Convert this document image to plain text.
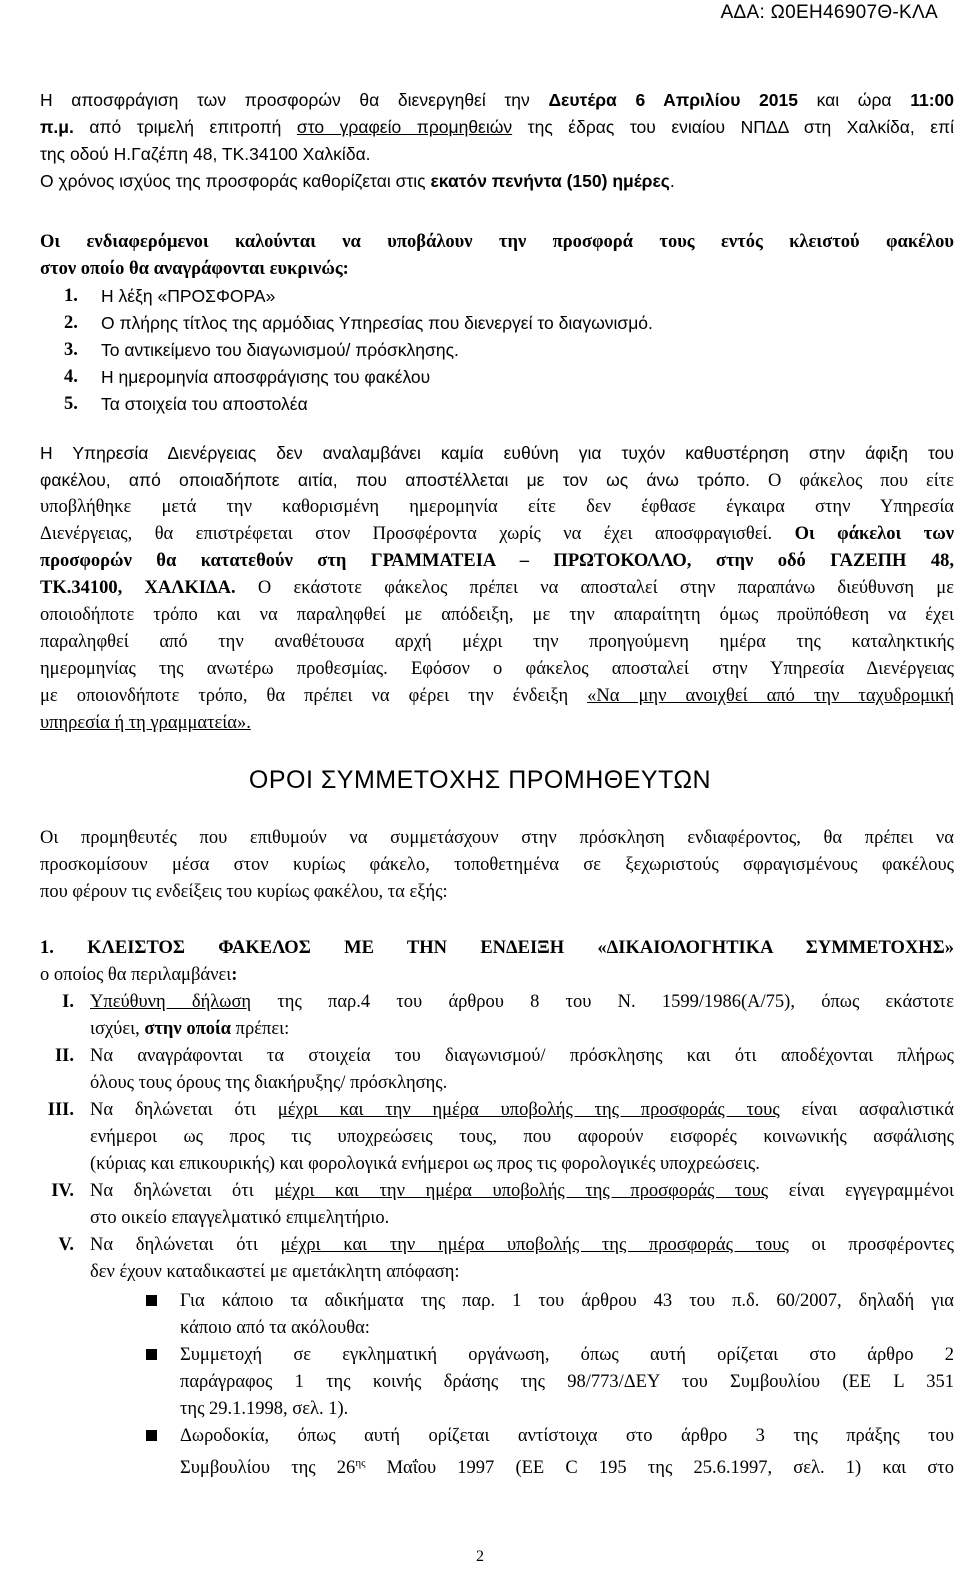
ΑΔΑ: Ω0ΕΗ46907Θ-ΚΛΑ
Η αποσφράγιση των προσφορών θα διενεργηθεί την Δευτέρα 6 Απριλίου 2015 και ώρα 11:00
π.μ. από τριμελή επιτροπή στο γραφείο προμηθειών της έδρας του ενιαίου ΝΠΔΔ στη Χαλκίδα, επί
της οδού Η.Γαζέπη 48, ΤΚ.34100 Χαλκίδα.
Ο χρόνος ισχύος της προσφοράς καθορίζεται στις εκατόν πενήντα (150) ημέρες.
Οι ενδιαφερόμενοι καλούνται να υποβάλουν την προσφορά τους εντός κλειστού φακέλου
στον οποίο θα αναγράφονται ευκρινώς:
1. Η λέξη «ΠΡΟΣΦΟΡΑ»
2. Ο πλήρης τίτλος της αρμόδιας Υπηρεσίας που διενεργεί το διαγωνισμό.
3. Το αντικείμενο του διαγωνισμού/ πρόσκλησης.
4. Η ημερομηνία αποσφράγισης του φακέλου
5. Τα στοιχεία του αποστολέα
Η Υπηρεσία Διενέργειας δεν αναλαμβάνει καμία ευθύνη για τυχόν καθυστέρηση στην άφιξη του
φακέλου, από οποιαδήποτε αιτία, που αποστέλλεται με τον ως άνω τρόπο. Ο φάκελος που είτε
υποβλήθηκε μετά την καθορισμένη ημερομηνία είτε δεν έφθασε έγκαιρα στην Υπηρεσία
Διενέργειας, θα επιστρέφεται στον Προσφέροντα χωρίς να έχει αποσφραγισθεί. Οι φάκελοι των
προσφορών θα κατατεθούν στη ΓΡΑΜΜΑΤΕΙΑ – ΠΡΩΤΟΚΟΛΛΟ, στην οδό ΓΑΖΕΠΗ 48,
ΤΚ.34100, ΧΑΛΚΙΔΑ. Ο εκάστοτε φάκελος πρέπει να αποσταλεί στην παραπάνω διεύθυνση με
οποιοδήποτε τρόπο και να παραληφθεί με απόδειξη, με την απαραίτητη όμως προϋπόθεση να έχει
παραληφθεί από την αναθέτουσα αρχή μέχρι την προηγούμενη ημέρα της καταληκτικής
ημερομηνίας της ανωτέρω προθεσμίας. Εφόσον ο φάκελος αποσταλεί στην Υπηρεσία Διενέργειας
με οποιονδήποτε τρόπο, θα πρέπει να φέρει την ένδειξη «Να μην ανοιχθεί από την ταχυδρομική
υπηρεσία ή τη γραμματεία».
ΟΡΟΙ ΣΥΜΜΕΤΟΧΗΣ ΠΡΟΜΗΘΕΥΤΩΝ
Οι προμηθευτές που επιθυμούν να συμμετάσχουν στην πρόσκληση ενδιαφέροντος, θα πρέπει να
προσκομίσουν μέσα στον κυρίως φάκελο, τοποθετημένα σε ξεχωριστούς σφραγισμένους φακέλους
που φέρουν τις ενδείξεις του κυρίως φακέλου, τα εξής:
1. ΚΛΕΙΣΤΟΣ ΦΑΚΕΛΟΣ ΜΕ ΤΗΝ ΕΝΔΕΙΞΗ «ΔΙΚΑΙΟΛΟΓΗΤΙΚΑ ΣΥΜΜΕΤΟΧΗΣ»
ο οποίος θα περιλαμβάνει:
I. Υπεύθυνη δήλωση της παρ.4 του άρθρου 8 του Ν. 1599/1986(Α/75), όπως εκάστοτε
ισχύει, στην οποία πρέπει:
II. Να αναγράφονται τα στοιχεία του διαγωνισμού/ πρόσκλησης και ότι αποδέχονται πλήρως
όλους τους όρους της διακήρυξης/ πρόσκλησης.
III. Να δηλώνεται ότι μέχρι και την ημέρα υποβολής της προσφοράς τους είναι ασφαλιστικά
ενήμεροι ως προς τις υποχρεώσεις τους, που αφορούν εισφορές κοινωνικής ασφάλισης
(κύριας και επικουρικής) και φορολογικά ενήμεροι ως προς τις φορολογικές υποχρεώσεις.
IV. Να δηλώνεται ότι μέχρι και την ημέρα υποβολής της προσφοράς τους είναι εγγεγραμμένοι
στο οικείο επαγγελματικό επιμελητήριο.
V. Να δηλώνεται ότι μέχρι και την ημέρα υποβολής της προσφοράς τους οι προσφέροντες
δεν έχουν καταδικαστεί με αμετάκλητη απόφαση:
Για κάποιο τα αδικήματα της παρ. 1 του άρθρου 43 του π.δ. 60/2007, δηλαδή για
κάποιο από τα ακόλουθα:
Συμμετοχή σε εγκληματική οργάνωση, όπως αυτή ορίζεται στο άρθρο 2
παράγραφος 1 της κοινής δράσης της 98/773/ΔΕΥ του Συμβουλίου (ΕΕ L 351
της 29.1.1998, σελ. 1).
Δωροδοκία, όπως αυτή ορίζεται αντίστοιχα στο άρθρο 3 της πράξης του
Συμβουλίου της $26^{\eta\varsigma}$ Μαΐου 1997 (ΕΕ C 195 της 25.6.1997, σελ. 1) και στο
2
